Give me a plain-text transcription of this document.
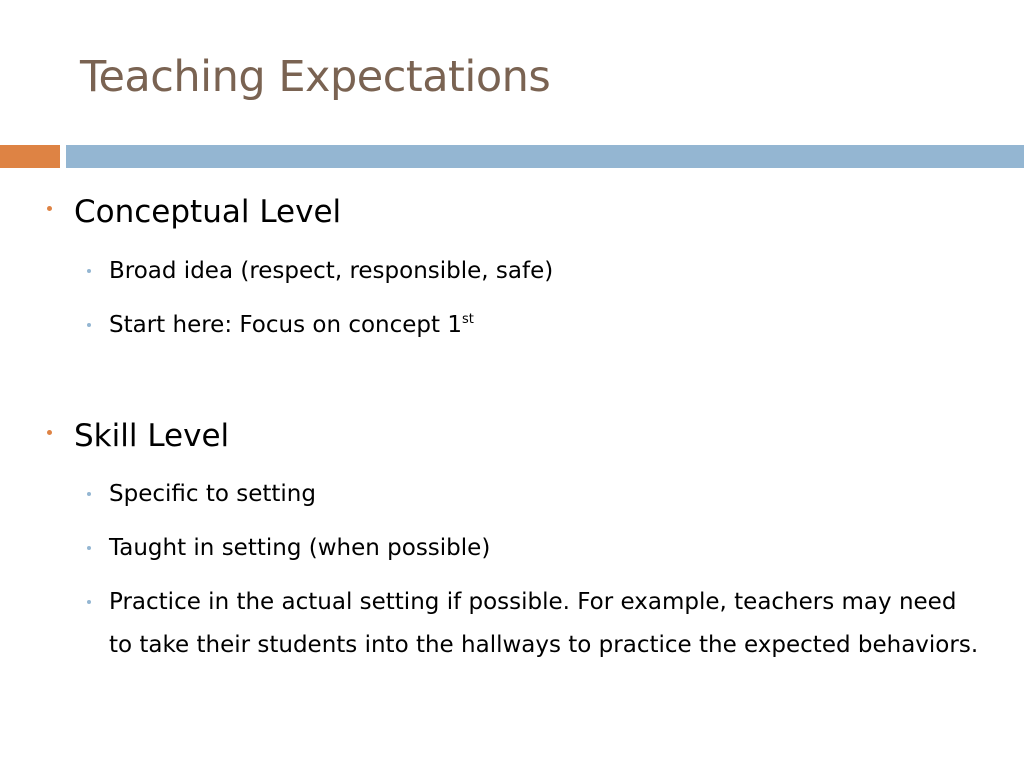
Teaching Expectations
Conceptual Level
Broad idea (respect, responsible, safe)
Start here: Focus on concept 1st
Skill Level
Specific to setting
Taught in setting (when possible)
Practice in the actual setting if possible. For example, teachers may need to take their students into the hallways to practice the expected behaviors.
